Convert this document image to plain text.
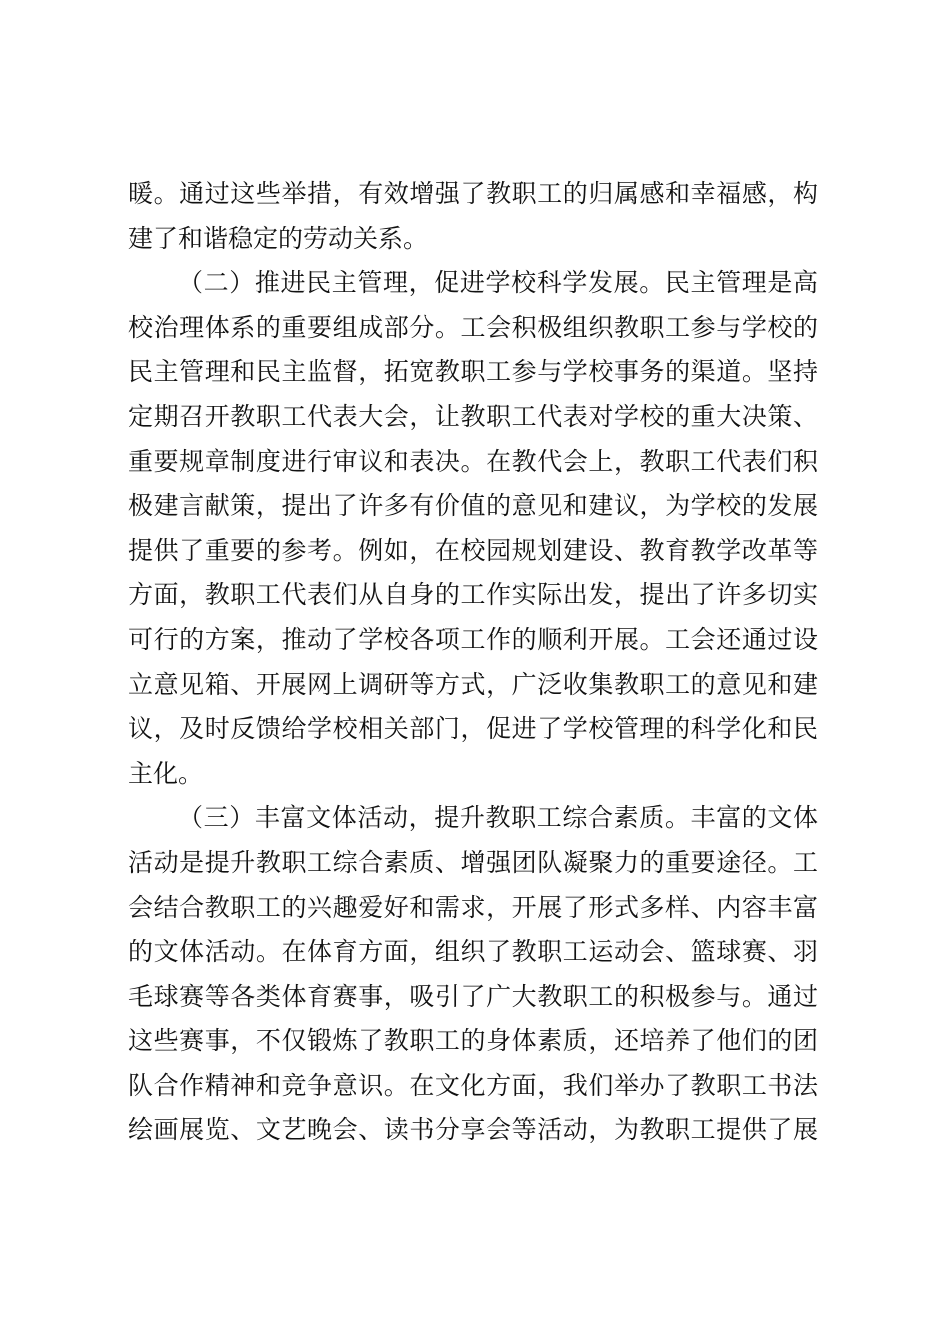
暖。通过这些举措，有效增强了教职工的归属感和幸福感，构
建了和谐稳定的劳动关系。
（二）推进民主管理，促进学校科学发展。民主管理是高
校治理体系的重要组成部分。工会积极组织教职工参与学校的
民主管理和民主监督，拓宽教职工参与学校事务的渠道。坚持
定期召开教职工代表大会，让教职工代表对学校的重大决策、
重要规章制度进行审议和表决。在教代会上，教职工代表们积
极建言献策，提出了许多有价值的意见和建议，为学校的发展
提供了重要的参考。例如，在校园规划建设、教育教学改革等
方面，教职工代表们从自身的工作实际出发，提出了许多切实
可行的方案，推动了学校各项工作的顺利开展。工会还通过设
立意见箱、开展网上调研等方式，广泛收集教职工的意见和建
议，及时反馈给学校相关部门，促进了学校管理的科学化和民
主化。
（三）丰富文体活动，提升教职工综合素质。丰富的文体
活动是提升教职工综合素质、增强团队凝聚力的重要途径。工
会结合教职工的兴趣爱好和需求，开展了形式多样、内容丰富
的文体活动。在体育方面，组织了教职工运动会、篮球赛、羽
毛球赛等各类体育赛事，吸引了广大教职工的积极参与。通过
这些赛事，不仅锻炼了教职工的身体素质，还培养了他们的团
队合作精神和竞争意识。在文化方面，我们举办了教职工书法
绘画展览、文艺晚会、读书分享会等活动，为教职工提供了展
